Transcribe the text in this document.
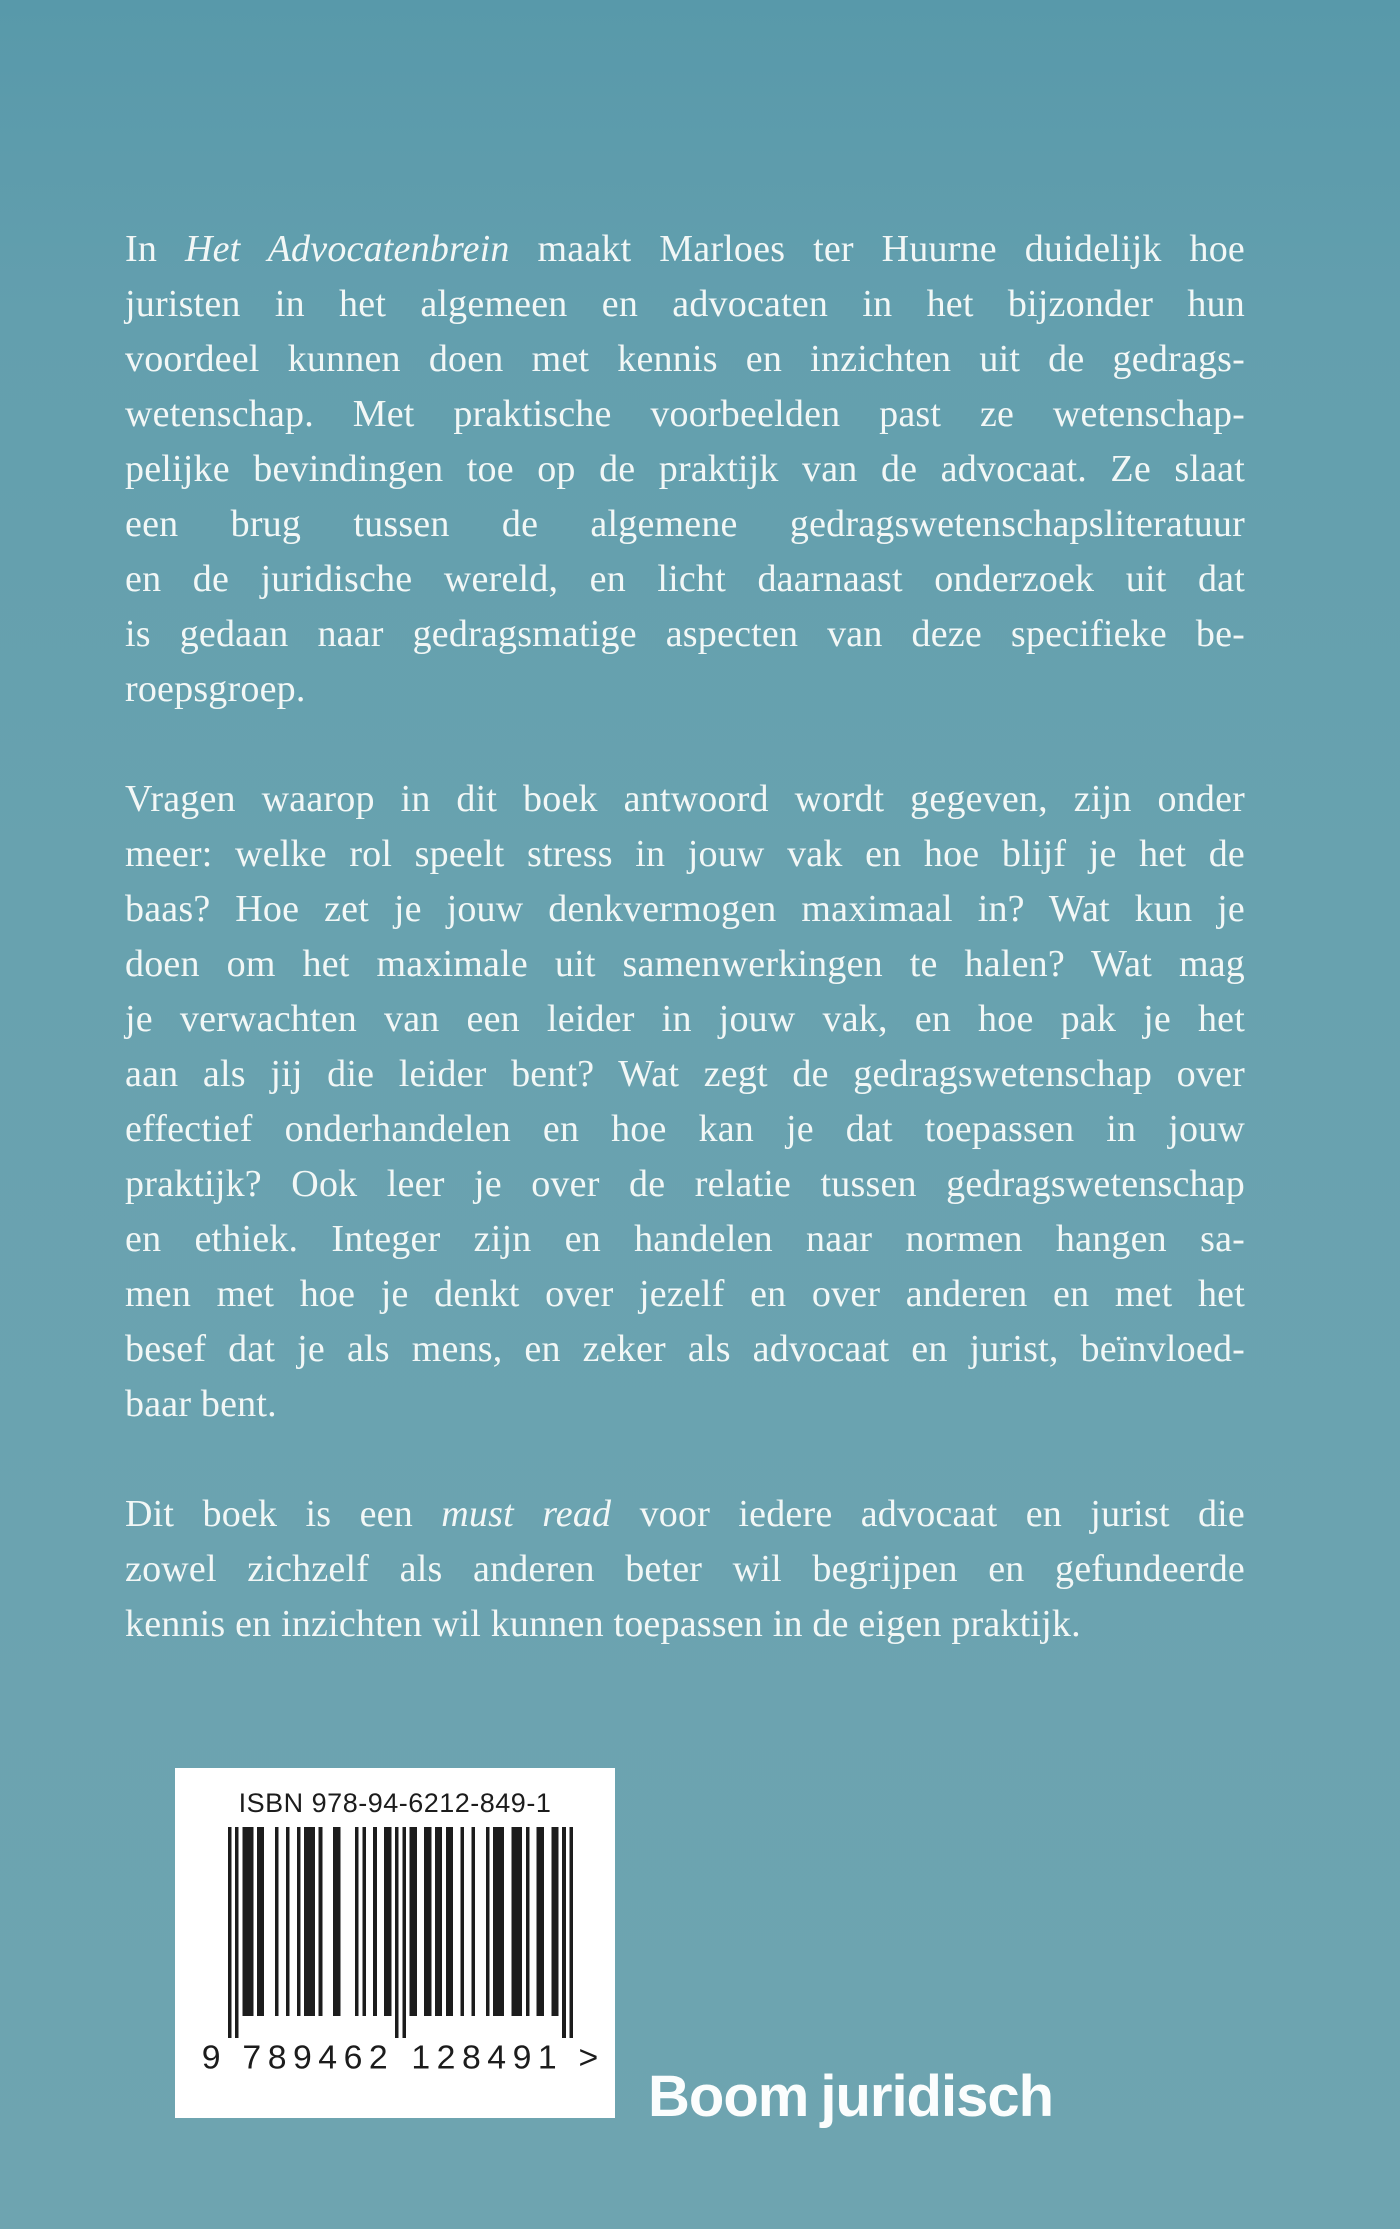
In Het Advocatenbrein maakt Marloes ter Huurne duidelijk hoe
juristen in het algemeen en advocaten in het bijzonder hun
voordeel kunnen doen met kennis en inzichten uit de gedrags-
wetenschap. Met praktische voorbeelden past ze wetenschap-
pelijke bevindingen toe op de praktijk van de advocaat. Ze slaat
een brug tussen de algemene gedragswetenschapsliteratuur
en de juridische wereld, en licht daarnaast onderzoek uit dat
is gedaan naar gedragsmatige aspecten van deze specifieke be-
roepsgroep.
Vragen waarop in dit boek antwoord wordt gegeven, zijn onder
meer: welke rol speelt stress in jouw vak en hoe blijf je het de
baas? Hoe zet je jouw denkvermogen maximaal in? Wat kun je
doen om het maximale uit samenwerkingen te halen? Wat mag
je verwachten van een leider in jouw vak, en hoe pak je het
aan als jij die leider bent? Wat zegt de gedragswetenschap over
effectief onderhandelen en hoe kan je dat toepassen in jouw
praktijk? Ook leer je over de relatie tussen gedragswetenschap
en ethiek. Integer zijn en handelen naar normen hangen sa-
men met hoe je denkt over jezelf en over anderen en met het
besef dat je als mens, en zeker als advocaat en jurist, beïnvloed-
baar bent.
Dit boek is een must read voor iedere advocaat en jurist die
zowel zichzelf als anderen beter wil begrijpen en gefundeerde
kennis en inzichten wil kunnen toepassen in de eigen praktijk.
ISBN 978-94-6212-849-1
9 789462	128491 >
Boom juridisch
